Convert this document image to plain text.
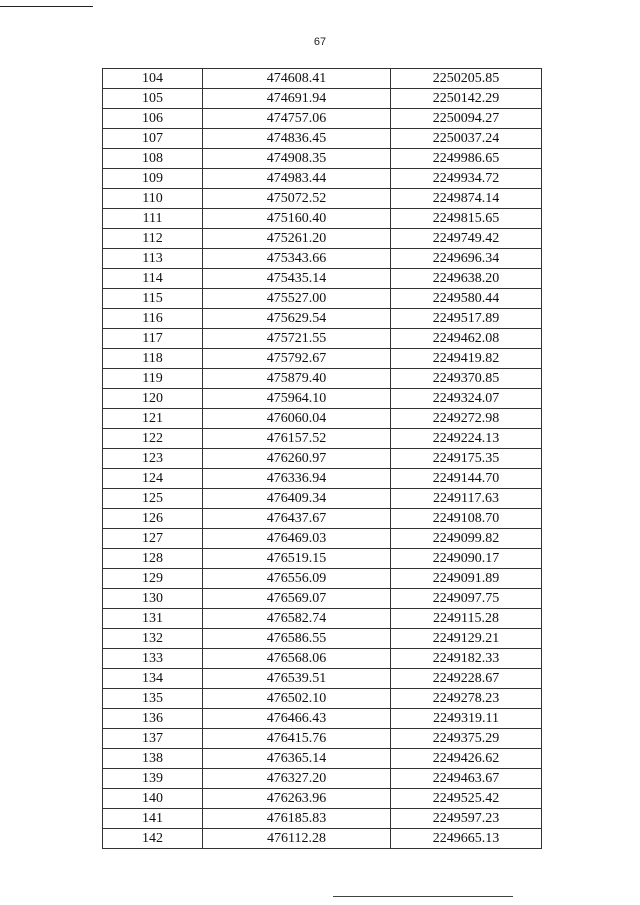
67
104	474608.41	2250205.85
105	474691.94	2250142.29
106	474757.06	2250094.27
107	474836.45	2250037.24
108	474908.35	2249986.65
109	474983.44	2249934.72
110	475072.52	2249874.14
111	475160.40	2249815.65
112	475261.20	2249749.42
113	475343.66	2249696.34
114	475435.14	2249638.20
115	475527.00	2249580.44
116	475629.54	2249517.89
117	475721.55	2249462.08
118	475792.67	2249419.82
119	475879.40	2249370.85
120	475964.10	2249324.07
121	476060.04	2249272.98
122	476157.52	2249224.13
123	476260.97	2249175.35
124	476336.94	2249144.70
125	476409.34	2249117.63
126	476437.67	2249108.70
127	476469.03	2249099.82
128	476519.15	2249090.17
129	476556.09	2249091.89
130	476569.07	2249097.75
131	476582.74	2249115.28
132	476586.55	2249129.21
133	476568.06	2249182.33
134	476539.51	2249228.67
135	476502.10	2249278.23
136	476466.43	2249319.11
137	476415.76	2249375.29
138	476365.14	2249426.62
139	476327.20	2249463.67
140	476263.96	2249525.42
141	476185.83	2249597.23
142	476112.28	2249665.13
